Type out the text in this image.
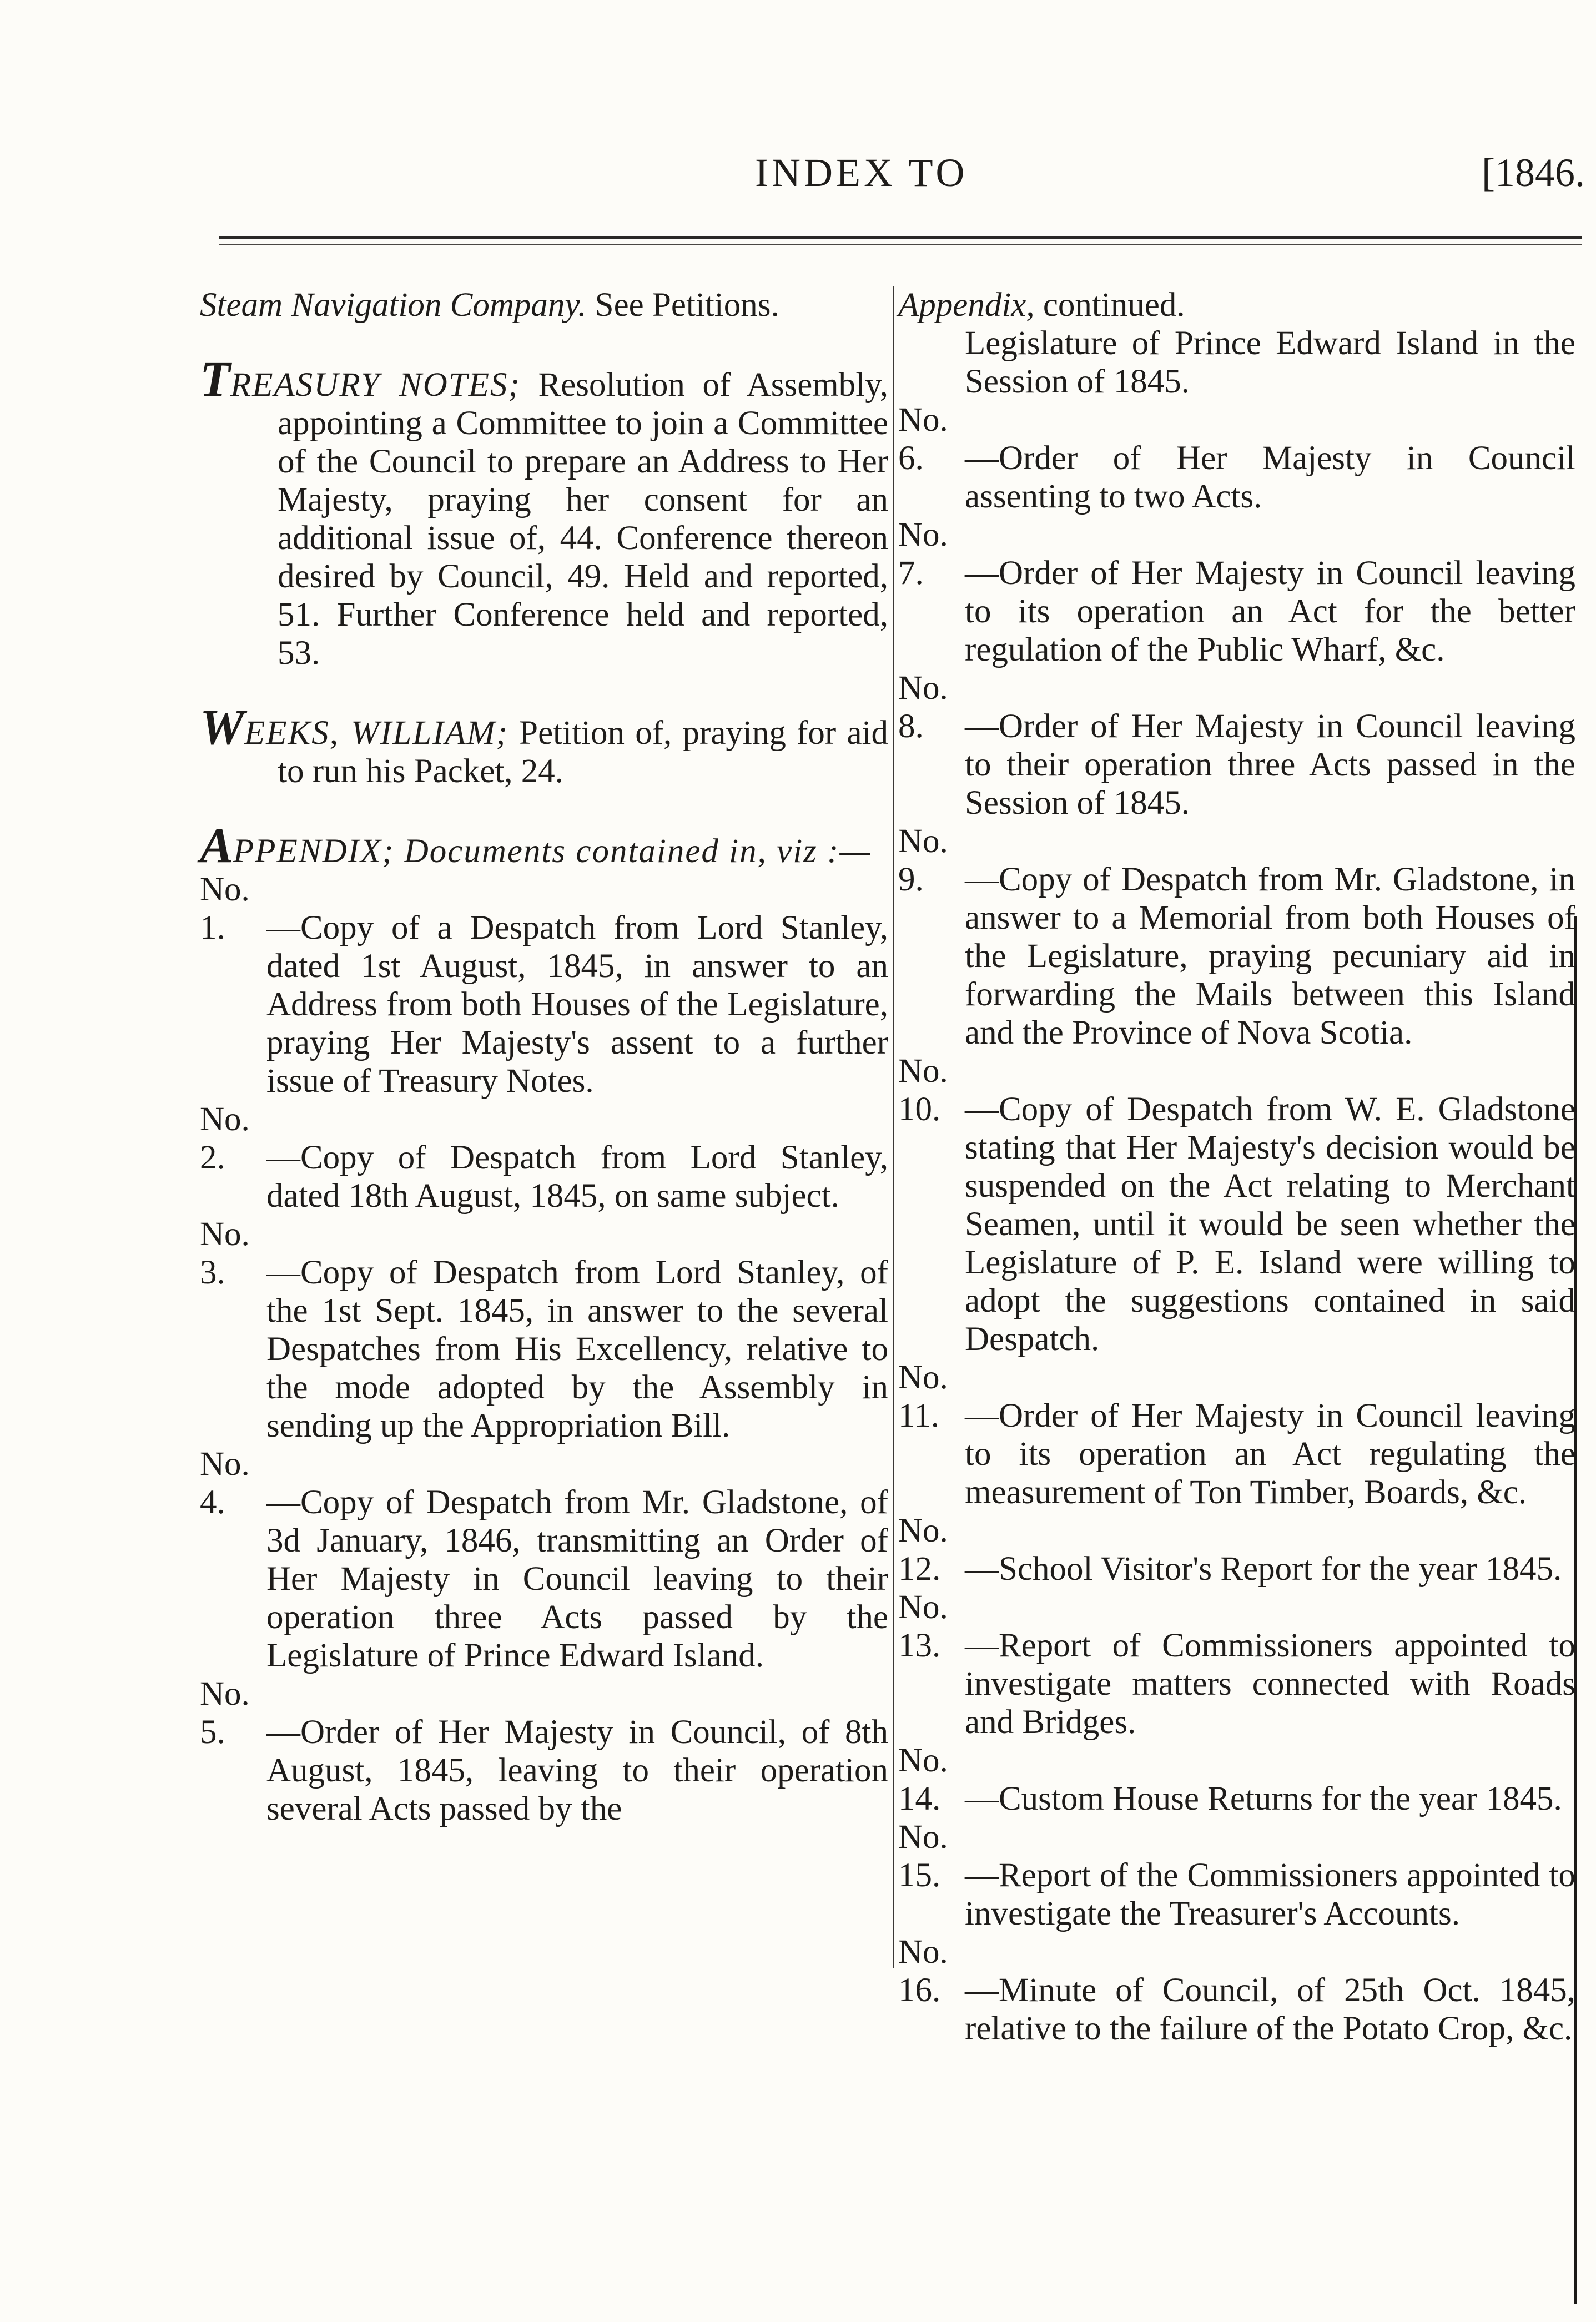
INDEX TO	[1846.

Steam Navigation Company. See Petitions.

TREASURY NOTES; Resolution of Assembly, appointing a Committee to join a Committee of the Council to prepare an Address to Her Majesty, praying her consent for an additional issue of, 44. Conference thereon desired by Council, 49. Held and reported, 51. Further Conference held and reported, 53.

WEEKS, WILLIAM; Petition of, praying for aid to run his Packet, 24.

APPENDIX; Documents contained in, viz :—

No. 1. —Copy of a Despatch from Lord Stanley, dated 1st August, 1845, in answer to an Address from both Houses of the Legislature, praying Her Majesty's assent to a further issue of Treasury Notes.

No. 2. —Copy of Despatch from Lord Stanley, dated 18th August, 1845, on same subject.

No. 3. —Copy of Despatch from Lord Stanley, of the 1st Sept. 1845, in answer to the several Despatches from His Excellency, relative to the mode adopted by the Assembly in sending up the Appropriation Bill.

No. 4. —Copy of Despatch from Mr. Gladstone, of 3d January, 1846, transmitting an Order of Her Majesty in Council leaving to their operation three Acts passed by the Legislature of Prince Edward Island.

No. 5. —Order of Her Majesty in Council, of 8th August, 1845, leaving to their operation several Acts passed by the

Appendix, continued.

Legislature of Prince Edward Island in the Session of 1845.

No. 6. —Order of Her Majesty in Council assenting to two Acts.

No. 7. —Order of Her Majesty in Council leaving to its operation an Act for the better regulation of the Public Wharf, &c.

No. 8. —Order of Her Majesty in Council leaving to their operation three Acts passed in the Session of 1845.

No. 9. —Copy of Despatch from Mr. Gladstone, in answer to a Memorial from both Houses of the Legislature, praying pecuniary aid in forwarding the Mails between this Island and the Province of Nova Scotia.

No. 10. —Copy of Despatch from W. E. Gladstone stating that Her Majesty's decision would be suspended on the Act relating to Merchant Seamen, until it would be seen whether the Legislature of P. E. Island were willing to adopt the suggestions contained in said Despatch.

No. 11. —Order of Her Majesty in Council leaving to its operation an Act regulating the measurement of Ton Timber, Boards, &c.

No. 12. —School Visitor's Report for the year 1845.

No. 13. —Report of Commissioners appointed to investigate matters connected with Roads and Bridges.

No. 14. —Custom House Returns for the year 1845.

No. 15. —Report of the Commissioners appointed to investigate the Treasurer's Accounts.

No. 16. —Minute of Council, of 25th Oct. 1845, relative to the failure of the Potato Crop, &c.
